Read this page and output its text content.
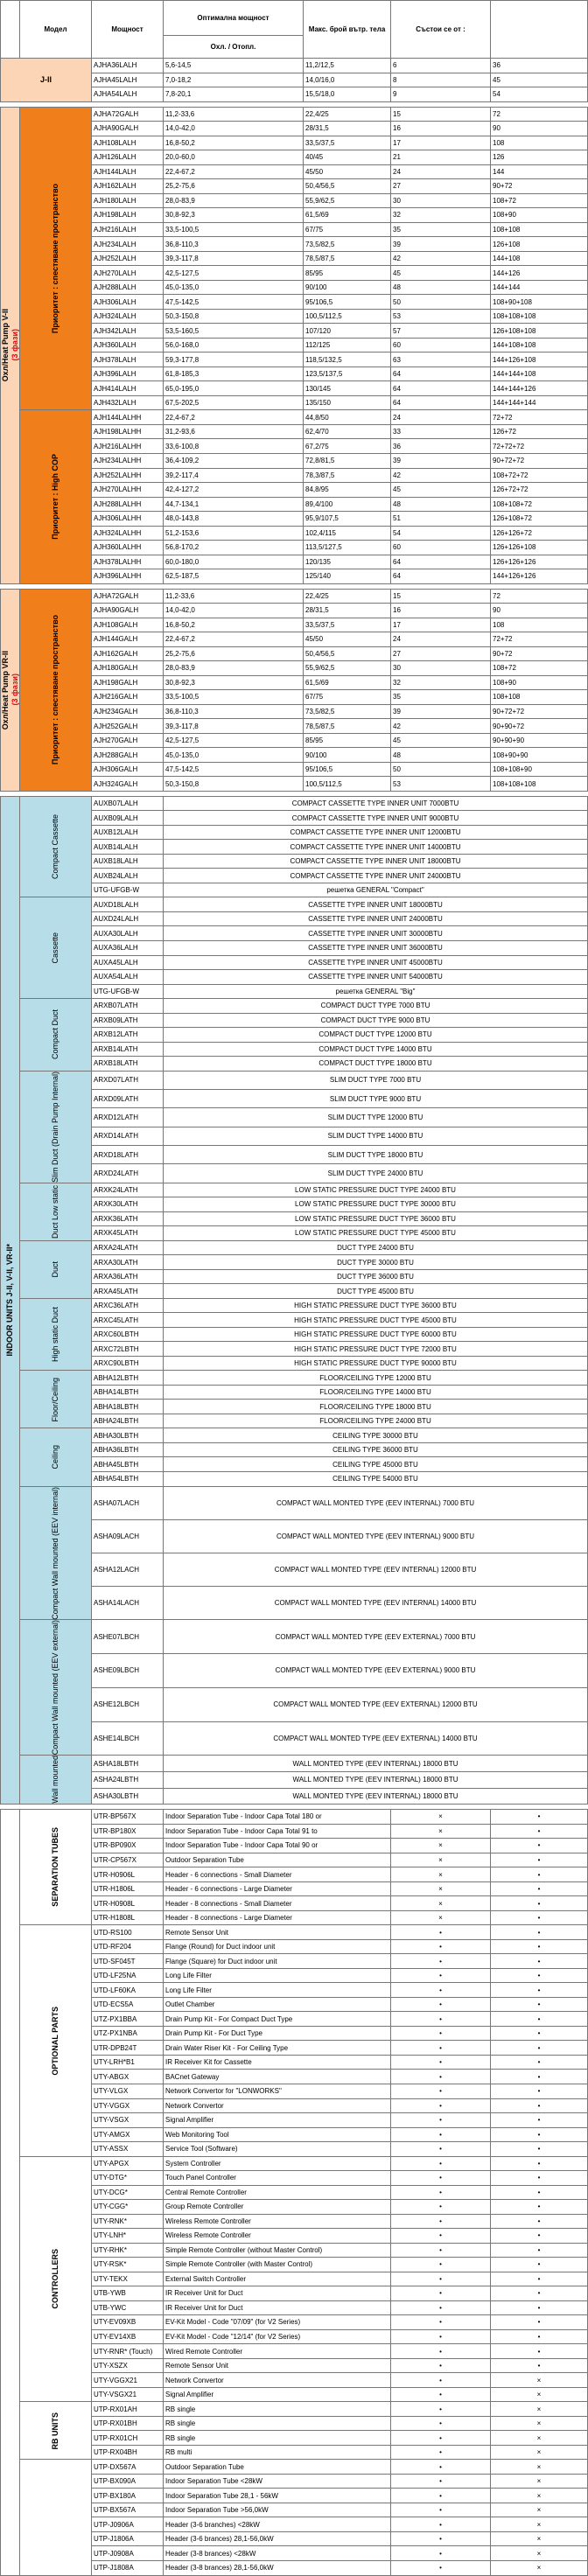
	Модел	Мощност	Оптимална мощност	Макс. брой вътр. тела	Състои се от :	
			Охл. / Отопл.			

J-II		AJHA36LALH	5,6-14,5	11,2/12,5	6	36
		AJHA45LALH	7,0-18,2	14,0/16,0	8	45
		AJHA54LALH	7,8-20,1	15,5/18,0	9	54

Охл/Heat Pump V-II (3 фази)	Приоритет : спестяване пространство	AJHA72GALH	11,2-33,6	22,4/25	15	72
		AJHA90GALH	14,0-42,0	28/31,5	16	90
		AJH108LALH	16,8-50,2	33,5/37,5	17	108
		AJH126LALH	20,0-60,0	40/45	21	126
		AJH144LALH	22,4-67,2	45/50	24	144
		AJH162LALH	25,2-75,6	50,4/56,5	27	90+72
		AJH180LALH	28,0-83,9	55,9/62,5	30	108+72
		AJH198LALH	30,8-92,3	61,5/69	32	108+90
		AJH216LALH	33,5-100,5	67/75	35	108+108
		AJH234LALH	36,8-110,3	73,5/82,5	39	126+108
		AJH252LALH	39,3-117,8	78,5/87,5	42	144+108
		AJH270LALH	42,5-127,5	85/95	45	144+126
		AJH288LALH	45,0-135,0	90/100	48	144+144
		AJH306LALH	47,5-142,5	95/106,5	50	108+90+108
		AJH324LALH	50,3-150,8	100,5/112,5	53	108+108+108
		AJH342LALH	53,5-160,5	107/120	57	126+108+108
		AJH360LALH	56,0-168,0	112/125	60	144+108+108
		AJH378LALH	59,3-177,8	118,5/132,5	63	144+126+108
		AJH396LALH	61,8-185,3	123,5/137,5	64	144+144+108
		AJH414LALH	65,0-195,0	130/145	64	144+144+126
		AJH432LALH	67,5-202,5	135/150	64	144+144+144

	Приоритет : High COP	AJH144LALHH	22,4-67,2	44,8/50	24	72+72
		AJH198LALHH	31,2-93,6	62,4/70	33	126+72
		AJH216LALHH	33,6-100,8	67,2/75	36	72+72+72
		AJH234LALHH	36,4-109,2	72,8/81,5	39	90+72+72
		AJH252LALHH	39,2-117,4	78,3/87,5	42	108+72+72
		AJH270LALHH	42,4-127,2	84,8/95	45	126+72+72
		AJH288LALHH	44,7-134,1	89,4/100	48	108+108+72
		AJH306LALHH	48,0-143,8	95,9/107,5	51	126+108+72
		AJH324LALHH	51,2-153,6	102,4/115	54	126+126+72
		AJH360LALHH	56,8-170,2	113,5/127,5	60	126+126+108
		AJH378LALHH	60,0-180,0	120/135	64	126+126+126
		AJH396LALHH	62,5-187,5	125/140	64	144+126+126

Охл/Heat Pump VR-II (3 фази)	Приоритет : спестяване пространство	AJHA72GALH	11,2-33,6	22,4/25	15	72
		AJHA90GALH	14,0-42,0	28/31,5	16	90
		AJH108GALH	16,8-50,2	33,5/37,5	17	108
		AJH144GALH	22,4-67,2	45/50	24	72+72
		AJH162GALH	25,2-75,6	50,4/56,5	27	90+72
		AJH180GALH	28,0-83,9	55,9/62,5	30	108+72
		AJH198GALH	30,8-92,3	61,5/69	32	108+90
		AJH216GALH	33,5-100,5	67/75	35	108+108
		AJH234GALH	36,8-110,3	73,5/82,5	39	90+72+72
		AJH252GALH	39,3-117,8	78,5/87,5	42	90+90+72
		AJH270GALH	42,5-127,5	85/95	45	90+90+90
		AJH288GALH	45,0-135,0	90/100	48	108+90+90
		AJH306GALH	47,5-142,5	95/106,5	50	108+108+90
		AJH324GALH	50,3-150,8	100,5/112,5	53	108+108+108

INDOOR UNITS J-II, V-II, VR-II*	Compact Cassette	AUXB07LALH	COMPACT CASSETTE TYPE INNER UNIT 7000BTU			
		AUXB09LALH	COMPACT CASSETTE TYPE INNER UNIT 9000BTU			
		AUXB12LALH	COMPACT CASSETTE TYPE INNER UNIT 12000BTU			
		AUXB14LALH	COMPACT CASSETTE TYPE INNER UNIT 14000BTU			
		AUXB18LALH	COMPACT CASSETTE TYPE INNER UNIT 18000BTU			
		AUXB24LALH	COMPACT CASSETTE TYPE INNER UNIT 24000BTU			
		UTG-UFGB-W	решетка GENERAL "Compact"			

	Cassette	AUXD18LALH	CASSETTE TYPE INNER UNIT 18000BTU			
		AUXD24LALH	CASSETTE TYPE INNER UNIT 24000BTU			
		AUXA30LALH	CASSETTE TYPE INNER UNIT 30000BTU			
		AUXA36LALH	CASSETTE TYPE INNER UNIT 36000BTU			
		AUXA45LALH	CASSETTE TYPE INNER UNIT 45000BTU			
		AUXA54LALH	CASSETTE TYPE INNER UNIT 54000BTU			
		UTG-UFGB-W	решетка GENERAL "Big"			

	Compact Duct	ARXB07LATH	COMPACT DUCT TYPE 7000 BTU			
		ARXB09LATH	COMPACT DUCT TYPE 9000 BTU			
		ARXB12LATH	COMPACT DUCT TYPE 12000 BTU			
		ARXB14LATH	COMPACT DUCT TYPE 14000 BTU			
		ARXB18LATH	COMPACT DUCT TYPE 18000 BTU			

	Slim Duct (Drain Pump Internal)	ARXD07LATH	SLIM DUCT TYPE 7000 BTU			
		ARXD09LATH	SLIM DUCT TYPE 9000 BTU			
		ARXD12LATH	SLIM DUCT TYPE 12000 BTU			
		ARXD14LATH	SLIM DUCT TYPE 14000 BTU			
		ARXD18LATH	SLIM DUCT TYPE 18000 BTU			
		ARXD24LATH	SLIM DUCT TYPE 24000 BTU			

	Duct Low static	ARXK24LATH	LOW STATIC PRESSURE DUCT TYPE 24000 BTU			
		ARXK30LATH	LOW STATIC PRESSURE DUCT TYPE 30000 BTU			
		ARXK36LATH	LOW STATIC PRESSURE DUCT TYPE 36000 BTU			
		ARXK45LATH	LOW STATIC PRESSURE DUCT TYPE 45000 BTU			

	Duct	ARXA24LATH	DUCT TYPE 24000 BTU			
		ARXA30LATH	DUCT TYPE 30000 BTU			
		ARXA36LATH	DUCT TYPE 36000 BTU			
		ARXA45LATH	DUCT TYPE 45000 BTU			

	High static Duct	ARXC36LATH	HIGH STATIC PRESSURE DUCT TYPE 36000 BTU			
		ARXC45LATH	HIGH STATIC PRESSURE DUCT TYPE 45000 BTU			
		ARXC60LBTH	HIGH STATIC PRESSURE DUCT TYPE 60000 BTU			
		ARXC72LBTH	HIGH STATIC PRESSURE DUCT TYPE 72000 BTU			
		ARXC90LBTH	HIGH STATIC PRESSURE DUCT TYPE 90000 BTU			

	Floor/Ceiling	ABHA12LBTH	FLOOR/CEILING TYPE 12000 BTU			
		ABHA14LBTH	FLOOR/CEILING TYPE 14000 BTU			
		ABHA18LBTH	FLOOR/CEILING TYPE 18000 BTU			
		ABHA24LBTH	FLOOR/CEILING TYPE 24000 BTU			

	Ceiling	ABHA30LBTH	CEILING TYPE 30000 BTU			
		ABHA36LBTH	CEILING TYPE 36000 BTU			
		ABHA45LBTH	CEILING TYPE 45000 BTU			
		ABHA54LBTH	CEILING TYPE 54000 BTU			

	Compact Wall mounted (EEV internal)	ASHA07LACH	COMPACT WALL MONTED TYPE (EEV INTERNAL) 7000 BTU			
		ASHA09LACH	COMPACT WALL MONTED TYPE (EEV INTERNAL) 9000 BTU			
		ASHA12LACH	COMPACT WALL MONTED TYPE (EEV INTERNAL) 12000 BTU			
		ASHA14LACH	COMPACT WALL MONTED TYPE (EEV INTERNAL) 14000 BTU			

	Compact Wall mounted (EEV external)	ASHE07LBCH	COMPACT WALL MONTED TYPE (EEV EXTERNAL) 7000 BTU			
		ASHE09LBCH	COMPACT WALL MONTED TYPE (EEV EXTERNAL) 9000 BTU			
		ASHE12LBCH	COMPACT WALL MONTED TYPE (EEV EXTERNAL) 12000 BTU			
		ASHE14LBCH	COMPACT WALL MONTED TYPE (EEV EXTERNAL) 14000 BTU			

	Wall mounted	ASHA18LBTH	WALL MONTED TYPE (EEV INTERNAL) 18000 BTU			
		ASHA24LBTH	WALL MONTED TYPE (EEV INTERNAL) 18000 BTU			
		ASHA30LBTH	WALL MONTED TYPE (EEV INTERNAL) 18000 BTU			

	SEPARATION TUBES	UTR-BP567X	Indoor Separation Tube - Indoor Capa Total 180 or		×	•
		UTR-BP180X	Indoor Separation Tube - Indoor Capa Total 91 to		×	•
		UTR-BP090X	Indoor Separation Tube - Indoor Capa Total 90 or		×	•
		UTR-CP567X	Outdoor Separation Tube		×	•
		UTR-H0906L	Header - 6 connections - Small Diameter		×	•
		UTR-H1806L	Header - 6 connections - Large Diameter		×	•
		UTR-H0908L	Header - 8 connections - Small Diameter		×	•
		UTR-H1808L	Header - 8 connections - Large Diameter		×	•

	OPTIONAL PARTS	UTD-RS100	Remote Sensor Unit		•	•
		UTD-RF204	Flange (Round) for Duct indoor unit		•	•
		UTD-SF045T	Flange (Square) for Duct indoor unit		•	•
		UTD-LF25NA	Long Life Filter		•	•
		UTD-LF60KA	Long Life Filter		•	•
		UTD-ECS5A	Outlet Chamber		•	•
		UTZ-PX1BBA	Drain Pump Kit - For Compact Duct Type		•	•
		UTZ-PX1NBA	Drain Pump Kit - For Duct Type		•	•
		UTR-DPB24T	Drain Water Riser Kit - For Ceiling Type		•	•
		UTY-LRH*B1	IR Receiver Kit for Cassette		•	•
		UTY-ABGX	BACnet Gateway		•	•
		UTY-VLGX	Network Convertor for "LONWORKS"		•	•
		UTY-VGGX	Network Convertor		•	•
		UTY-VSGX	Signal Amplifier		•	•
		UTY-AMGX	Web Monitoring Tool		•	•
		UTY-ASSX	Service Tool (Software)		•	•

	CONTROLLERS	UTY-APGX	System Controller		•	•
		UTY-DTG*	Touch Panel Controller		•	•
		UTY-DCG*	Central Remote Controller		•	•
		UTY-CGG*	Group Remote Controller		•	•
		UTY-RNK*	Wireless Remote Controller		•	•
		UTY-LNH*	Wireless Remote Controller		•	•
		UTY-RHK*	Simple Remote Controller (without Master Control)		•	•
		UTY-RSK*	Simple Remote Controller (with Master Control)		•	•
		UTY-TEKX	External Switch Controller		•	•
		UTB-YWB	IR Receiver Unit for Duct		•	•
		UTB-YWC	IR Receiver Unit for Duct		•	•
		UTY-EV09XB	EV-Kit Model - Code "07/09" (for V2 Series)		•	•
		UTY-EV14XB	EV-Kit Model - Code "12/14" (for V2 Series)		•	•
		UTY-RNR* (Touch)	Wired Remote Controller		•	•
		UTY-XSZX	Remote Sensor Unit		•	•
		UTY-VGGX21	Network Convertor		•	×
		UTY-VSGX21	Signal Amplifier		•	×

	RB UNITS	UTP-RX01AH	RB single		•	×
		UTP-RX01BH	RB single		•	×
		UTP-RX01CH	RB single		•	×
		UTP-RX04BH	RB multi		•	×

		UTP-DX567A	Outdoor Separation Tube		•	×
		UTP-BX090A	Indoor Separation Tube <28kW		•	×
		UTP-BX180A	Indoor Separation Tube 28,1 - 56kW		•	×
		UTP-BX567A	Indoor Separation Tube >56,0kW		•	×
		UTP-J0906A	Header (3-6 branches) <28kW		•	×
		UTP-J1806A	Header (3-6 brances) 28,1-56,0kW		•	×
		UTP-J0908A	Header (3-8 brances) <28kW		•	×
		UTP-J1808A	Header (3-8 brances) 28,1-56,0kW		•	×
